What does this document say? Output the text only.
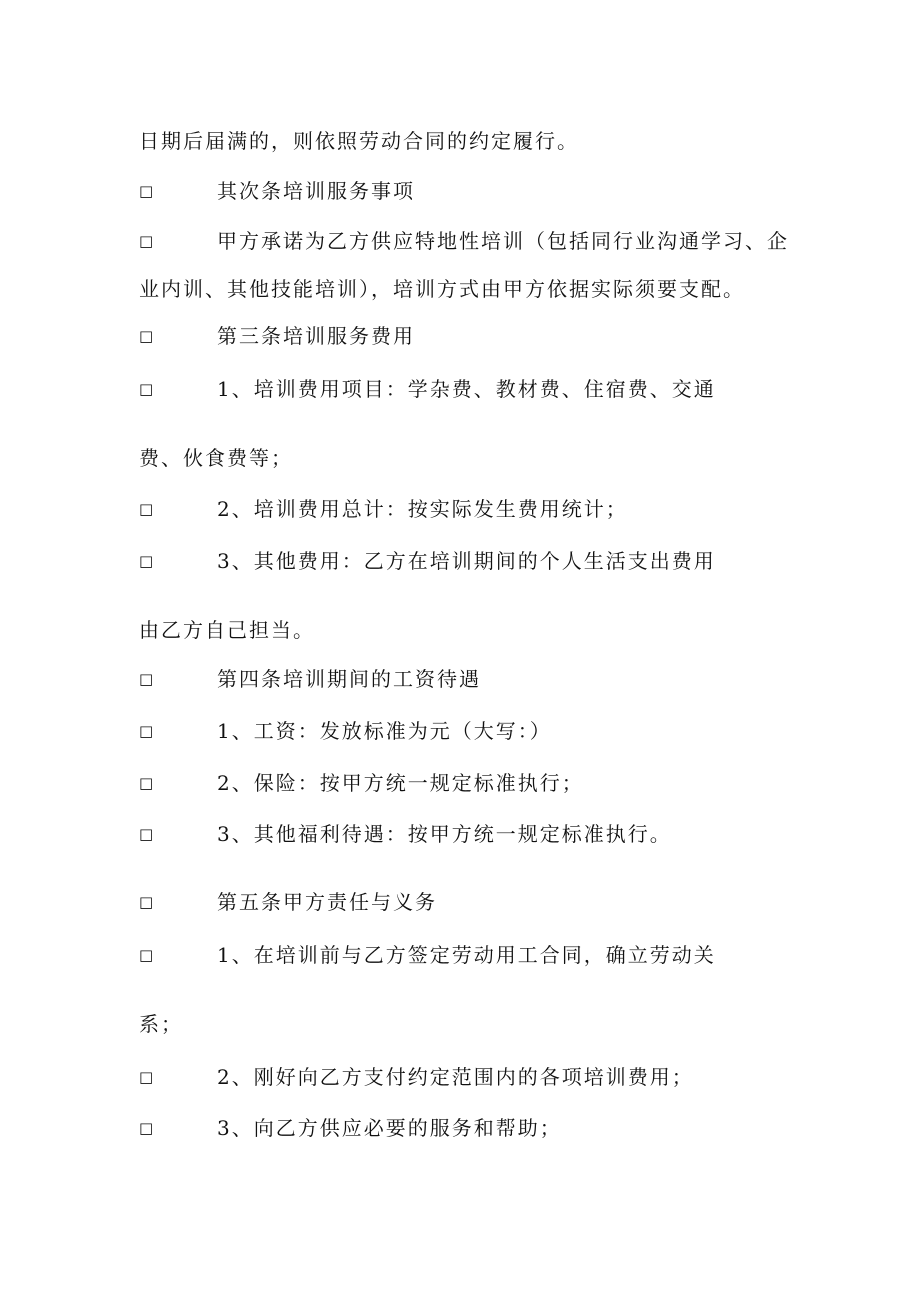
日期后届满的，则依照劳动合同的约定履行。
□	其次条培训服务事项
□	甲方承诺为乙方供应特地性培训（包括同行业沟通学习、企
业内训、其他技能培训），培训方式由甲方依据实际须要支配。
□	第三条培训服务费用
□	1、培训费用项目：学杂费、教材费、住宿费、交通
费、伙食费等；
□	2、培训费用总计：按实际发生费用统计；
□	3、其他费用：乙方在培训期间的个人生活支出费用
由乙方自己担当。
□	第四条培训期间的工资待遇
□	1、工资：发放标准为元（大写：）
□	2、保险：按甲方统一规定标准执行；
□	3、其他福利待遇：按甲方统一规定标准执行。
□	第五条甲方责任与义务
□	1、在培训前与乙方签定劳动用工合同，确立劳动关
系；
□	2、刚好向乙方支付约定范围内的各项培训费用；
□	3、向乙方供应必要的服务和帮助；
